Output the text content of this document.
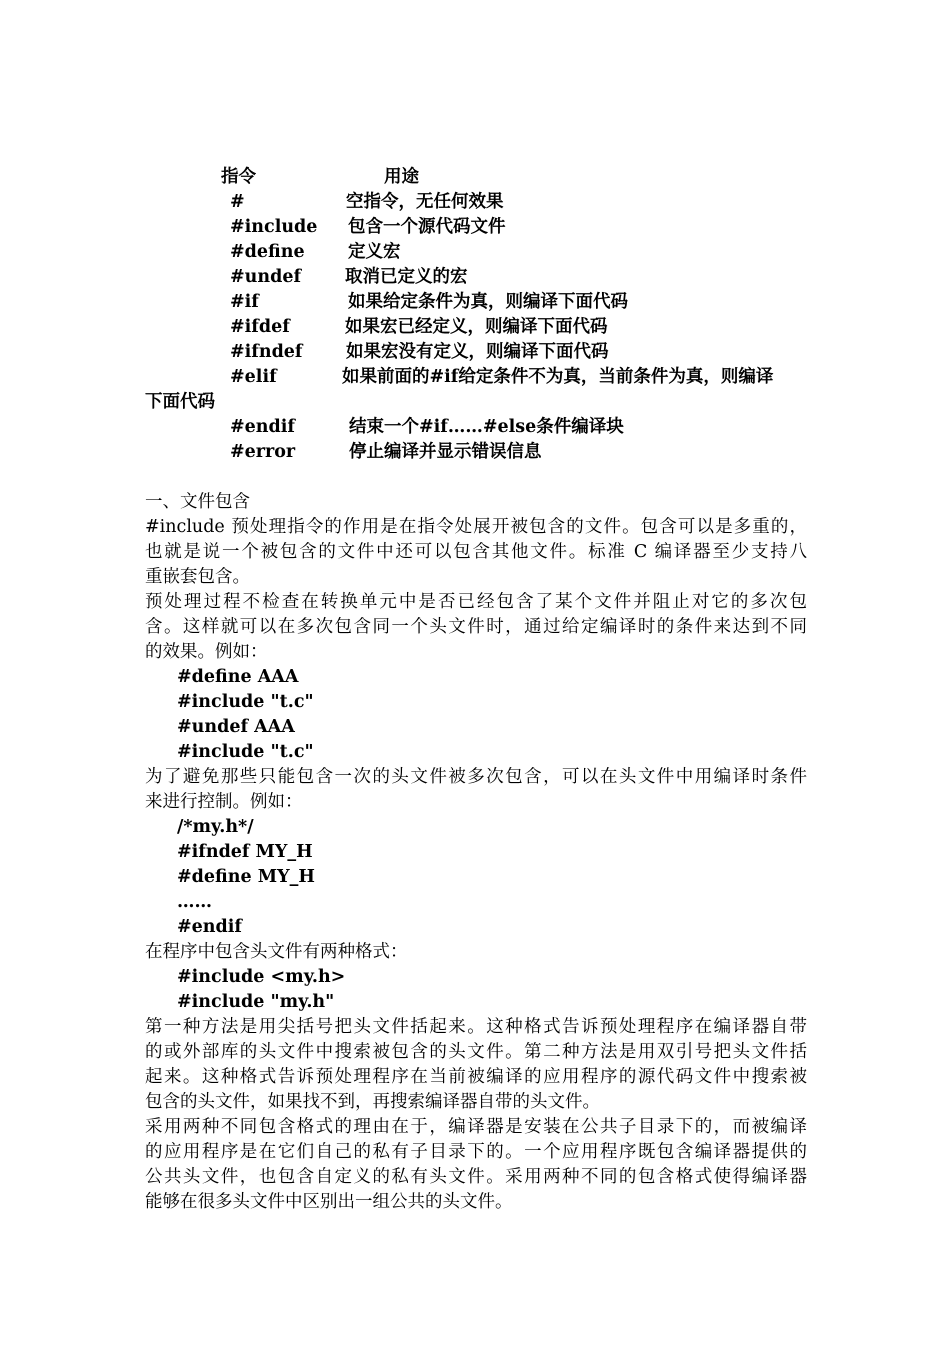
指令	用途
#	空指令，无任何效果
#include 包含一个源代码文件
#define 定义宏
#undef	取消已定义的宏
#if	如果给定条件为真，则编译下面代码
#ifdef	如果宏已经定义，则编译下面代码
#ifndef 如果宏没有定义，则编译下面代码
#elif	如果前面的#if给定条件不为真，当前条件为真，则编译
下面代码
#endif	结束一个#if……#else条件编译块
#error	停止编译并显示错误信息
一、文件包含
#include 预处理指令的作用是在指令处展开被包含的文件。包含可以是多重的，
也就是说一个被包含的文件中还可以包含其他文件。标准 C 编译器至少支持八
重嵌套包含。
预处理过程不检查在转换单元中是否已经包含了某个文件并阻止对它的多次包
含。这样就可以在多次包含同一个头文件时，通过给定编译时的条件来达到不同
的效果。例如：
#define AAA
#include "t.c"
#undef AAA
#include "t.c"
为了避免那些只能包含一次的头文件被多次包含，可以在头文件中用编译时条件
来进行控制。例如：
/*my.h*/
#ifndef MY_H
#define MY_H
……
#endif
在程序中包含头文件有两种格式：
#include <my.h>
#include "my.h"
第一种方法是用尖括号把头文件括起来。这种格式告诉预处理程序在编译器自带
的或外部库的头文件中搜索被包含的头文件。第二种方法是用双引号把头文件括
起来。这种格式告诉预处理程序在当前被编译的应用程序的源代码文件中搜索被
包含的头文件，如果找不到，再搜索编译器自带的头文件。
采用两种不同包含格式的理由在于，编译器是安装在公共子目录下的，而被编译
的应用程序是在它们自己的私有子目录下的。一个应用程序既包含编译器提供的
公共头文件，也包含自定义的私有头文件。采用两种不同的包含格式使得编译器
能够在很多头文件中区别出一组公共的头文件。
